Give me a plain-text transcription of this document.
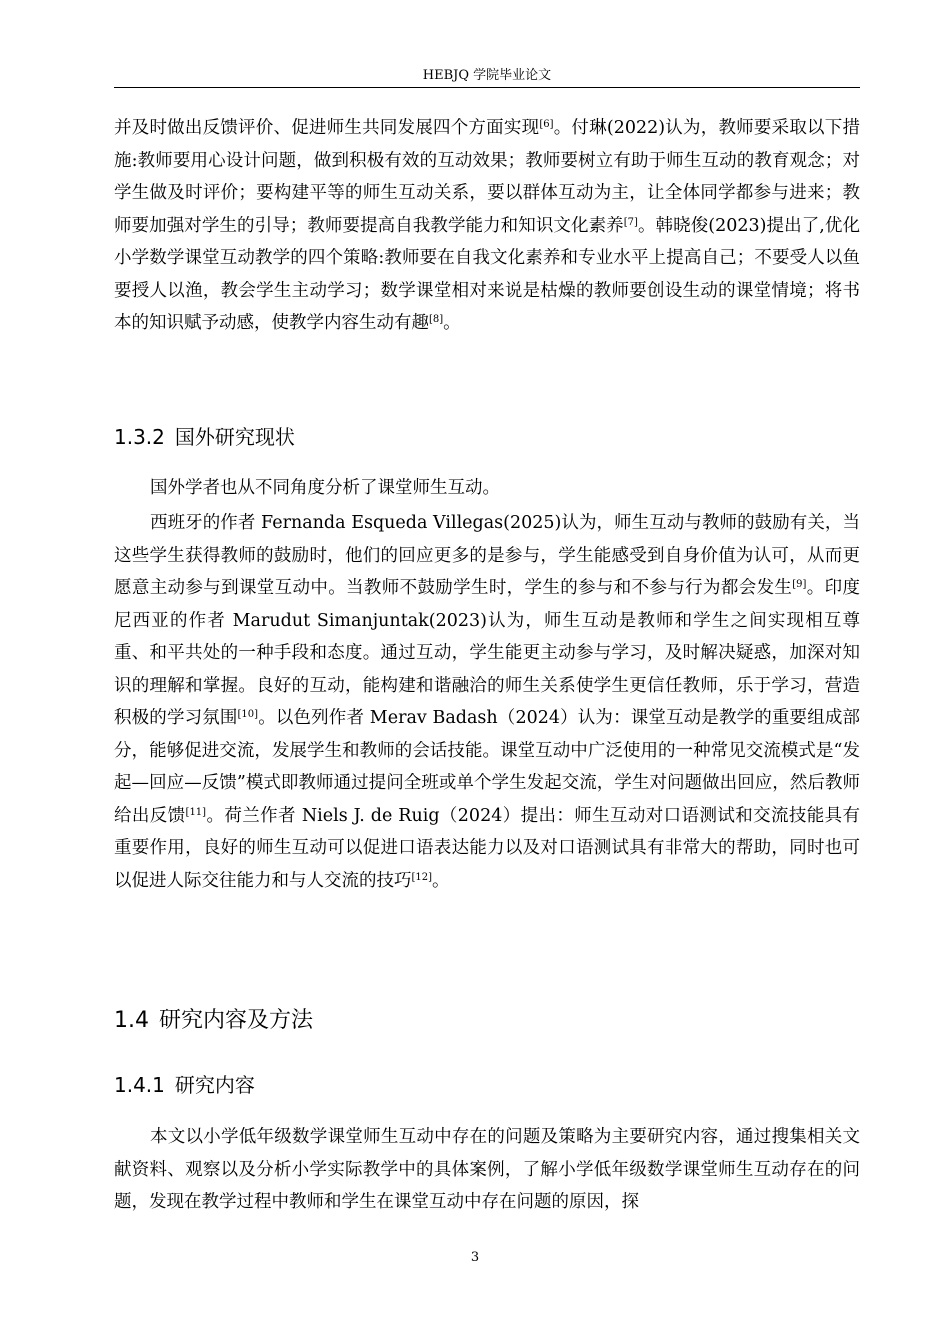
HEBJQ 学院毕业论文

并及时做出反馈评价、促进师生共同发展四个方面实现[6]。付琳(2022)认为，教师要采取以下措施:教师要用心设计问题，做到积极有效的互动效果；教师要树立有助于师生互动的教育观念；对学生做及时评价；要构建平等的师生互动关系，要以群体互动为主，让全体同学都参与进来；教师要加强对学生的引导；教师要提高自我教学能力和知识文化素养[7]。韩晓俊(2023)提出了,优化小学数学课堂互动教学的四个策略:教师要在自我文化素养和专业水平上提高自己；不要受人以鱼要授人以渔，教会学生主动学习；数学课堂相对来说是枯燥的教师要创设生动的课堂情境；将书本的知识赋予动感，使教学内容生动有趣[8]。

1.3.2 国外研究现状

国外学者也从不同角度分析了课堂师生互动。

西班牙的作者 Fernanda Esqueda Villegas(2025)认为，师生互动与教师的鼓励有关，当这些学生获得教师的鼓励时，他们的回应更多的是参与，学生能感受到自身价值为认可，从而更愿意主动参与到课堂互动中。当教师不鼓励学生时，学生的参与和不参与行为都会发生[9]。印度尼西亚的作者 Marudut Simanjuntak(2023)认为，师生互动是教师和学生之间实现相互尊重、和平共处的一种手段和态度。通过互动，学生能更主动参与学习，及时解决疑惑，加深对知识的理解和掌握。良好的互动，能构建和谐融洽的师生关系使学生更信任教师，乐于学习，营造积极的学习氛围[10]。以色列作者 Merav Badash（2024）认为：课堂互动是教学的重要组成部分，能够促进交流，发展学生和教师的会话技能。课堂互动中广泛使用的一种常见交流模式是“发起—回应—反馈”模式即教师通过提问全班或单个学生发起交流，学生对问题做出回应，然后教师给出反馈[11]。荷兰作者 Niels J. de Ruig（2024）提出：师生互动对口语测试和交流技能具有重要作用，良好的师生互动可以促进口语表达能力以及对口语测试具有非常大的帮助，同时也可以促进人际交往能力和与人交流的技巧[12]。

1.4 研究内容及方法
1.4.1 研究内容

本文以小学低年级数学课堂师生互动中存在的问题及策略为主要研究内容，通过搜集相关文献资料、观察以及分析小学实际教学中的具体案例，了解小学低年级数学课堂师生互动存在的问题，发现在教学过程中教师和学生在课堂互动中存在问题的原因，探

3
